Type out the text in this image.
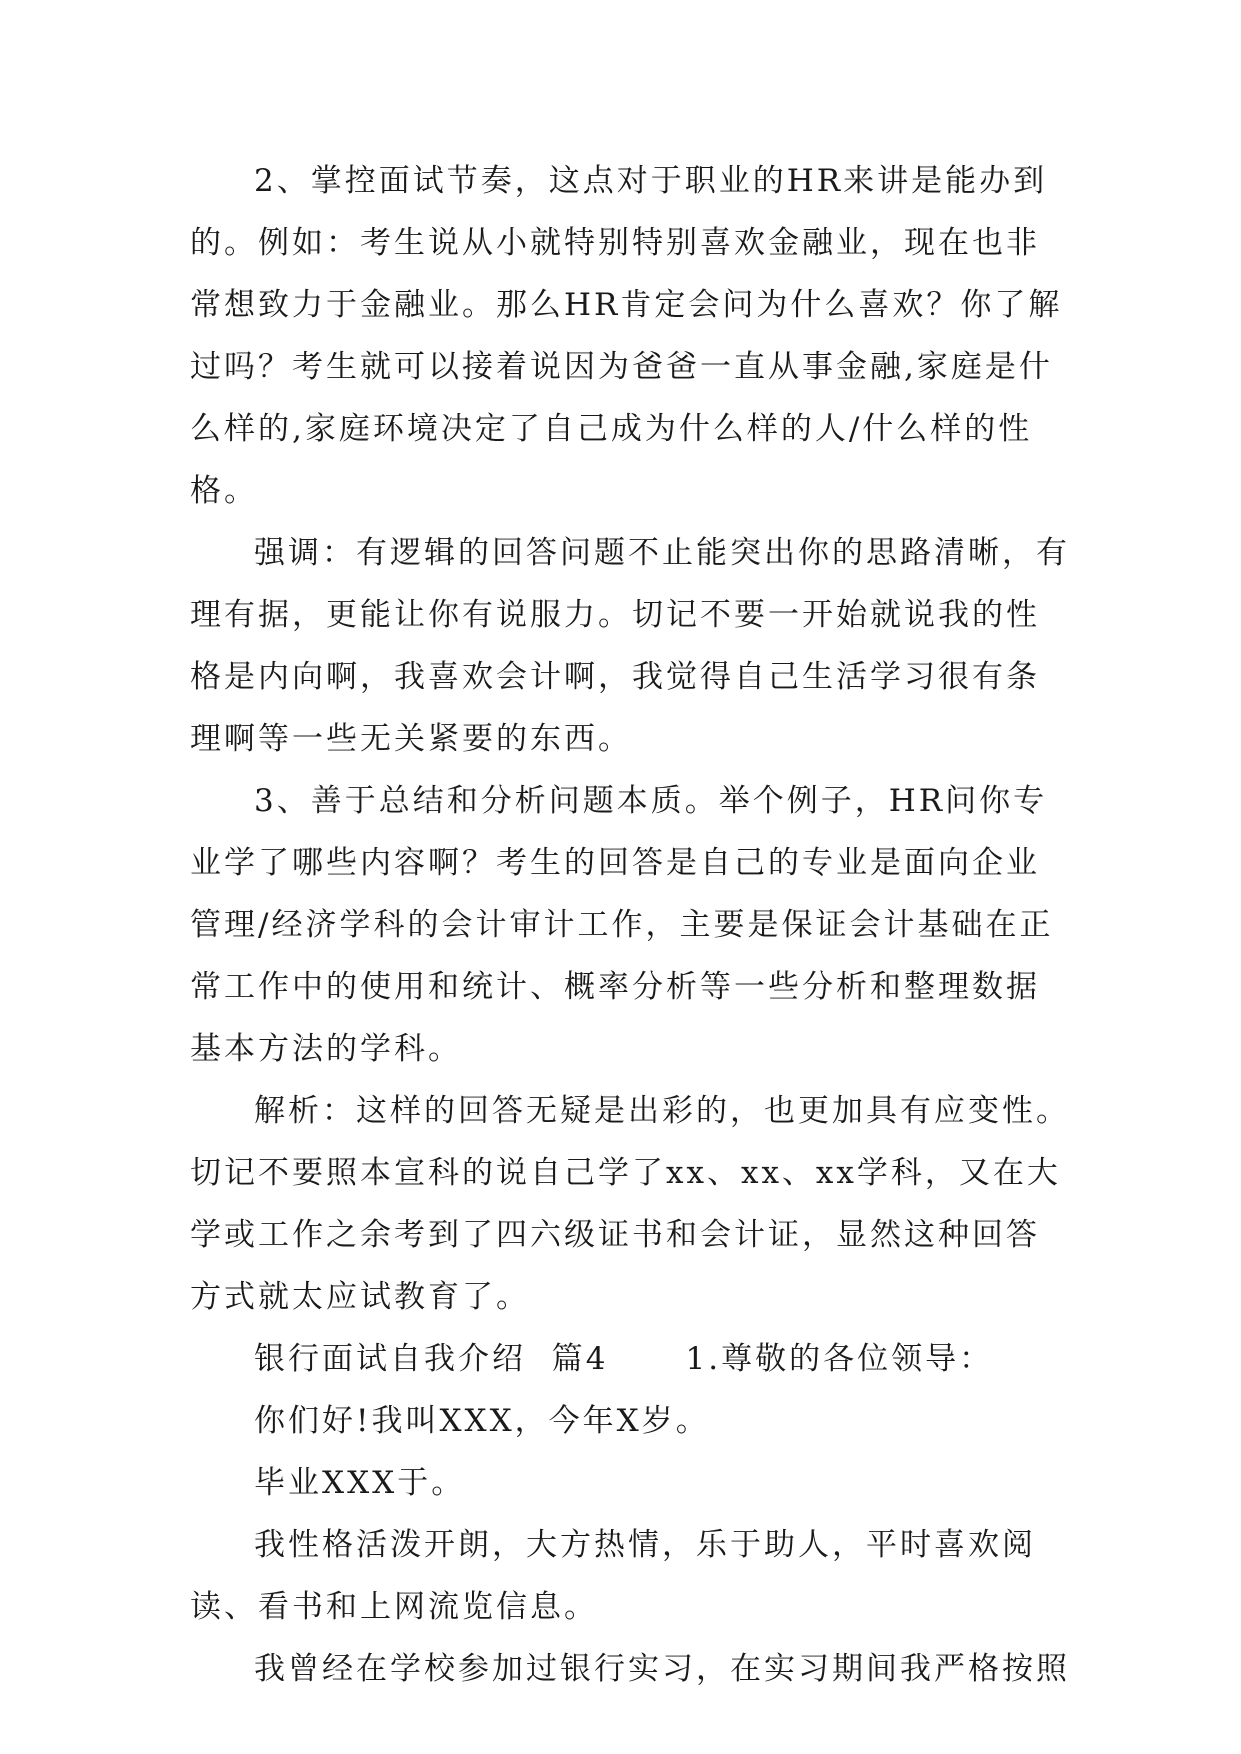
2、掌控面试节奏，这点对于职业的HR来讲是能办到的。例如：考生说从小就特别特别喜欢金融业，现在也非常想致力于金融业。那么HR肯定会问为什么喜欢？你了解过吗？考生就可以接着说因为爸爸一直从事金融,家庭是什么样的,家庭环境决定了自己成为什么样的人/什么样的性格。

强调：有逻辑的回答问题不止能突出你的思路清晰，有理有据，更能让你有说服力。切记不要一开始就说我的性格是内向啊，我喜欢会计啊，我觉得自己生活学习很有条理啊等一些无关紧要的东西。

3、善于总结和分析问题本质。举个例子，HR问你专业学了哪些内容啊？考生的回答是自己的专业是面向企业管理/经济学科的会计审计工作，主要是保证会计基础在正常工作中的使用和统计、概率分析等一些分析和整理数据基本方法的学科。

解析：这样的回答无疑是出彩的，也更加具有应变性。切记不要照本宣科的说自己学了xx、xx、xx学科，又在大学或工作之余考到了四六级证书和会计证，显然这种回答方式就太应试教育了。

银行面试自我介绍  篇4      1.尊敬的各位领导：

你们好!我叫XXX，今年X岁。

毕业XXX于。

我性格活泼开朗，大方热情，乐于助人，平时喜欢阅读、看书和上网流览信息。

我曾经在学校参加过银行实习，在实习期间我严格按照
